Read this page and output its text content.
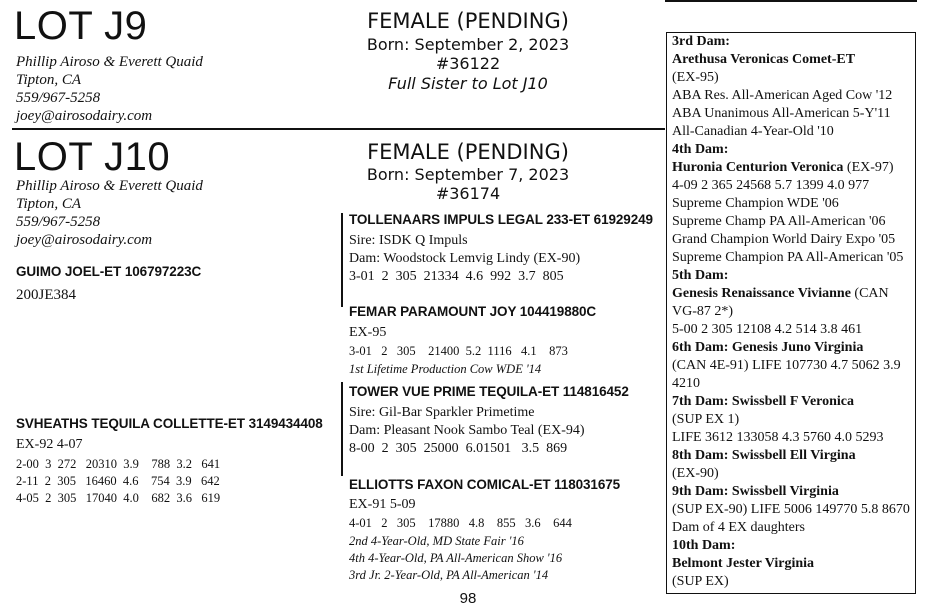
LOT J9
Phillip Airoso & Everett Quaid
Tipton, CA
559/967-5258
joey@airosodairy.com
FEMALE (PENDING)
Born: September 2, 2023
#36122
Full Sister to Lot J10
LOT J10
Phillip Airoso & Everett Quaid
Tipton, CA
559/967-5258
joey@airosodairy.com
FEMALE (PENDING)
Born: September 7, 2023
#36174
GUIMO JOEL-ET 106797223C
200JE384
SVHEATHS TEQUILA COLLETTE-ET 3149434408
EX-92 4-07
2-00  3  272   20310  3.9    788  3.2   641
2-11  2  305   16460  4.6    754  3.9   642
4-05  2  305   17040  4.0    682  3.6   619
TOLLENAARS IMPULS LEGAL 233-ET 61929249
Sire: ISDK Q Impuls
Dam: Woodstock Lemvig Lindy (EX-90)
3-01  2  305  21334  4.6  992  3.7  805
FEMAR PARAMOUNT JOY 104419880C
EX-95
3-01   2   305    21400  5.2  1116   4.1    873
1st Lifetime Production Cow WDE '14
TOWER VUE PRIME TEQUILA-ET 114816452
Sire: Gil-Bar Sparkler Primetime
Dam: Pleasant Nook Sambo Teal (EX-94)
8-00  2  305  25000  6.01501   3.5  869
ELLIOTTS FAXON COMICAL-ET 118031675
EX-91 5-09
4-01   2   305    17880   4.8    855   3.6    644
2nd 4-Year-Old, MD State Fair '16
4th 4-Year-Old, PA All-American Show '16
3rd Jr. 2-Year-Old, PA All-American '14
3rd Dam:
Arethusa Veronicas Comet-ET
(EX-95)
ABA Res. All-American Aged Cow '12
ABA Unanimous All-American 5-Y'11
All-Canadian 4-Year-Old '10
4th Dam:
Huronia Centurion Veronica (EX-97)
4-09 2 365 24568 5.7 1399 4.0 977
Supreme Champion WDE '06
Supreme Champ PA All-American '06
Grand Champion World Dairy Expo '05
Supreme Champion PA All-American '05
5th Dam:
Genesis Renaissance Vivianne (CAN
VG-87 2*)
5-00 2 305 12108 4.2 514 3.8 461
6th Dam: Genesis Juno Virginia
(CAN 4E-91) LIFE 107730 4.7 5062 3.9
4210
7th Dam: Swissbell F Veronica
(SUP EX 1)
LIFE 3612 133058 4.3 5760 4.0 5293
8th Dam: Swissbell Ell Virgina
(EX-90)
9th Dam: Swissbell Virginia
(SUP EX-90) LIFE 5006 149770 5.8 8670
Dam of 4 EX daughters
10th Dam:
Belmont Jester Virginia
(SUP EX)
98
